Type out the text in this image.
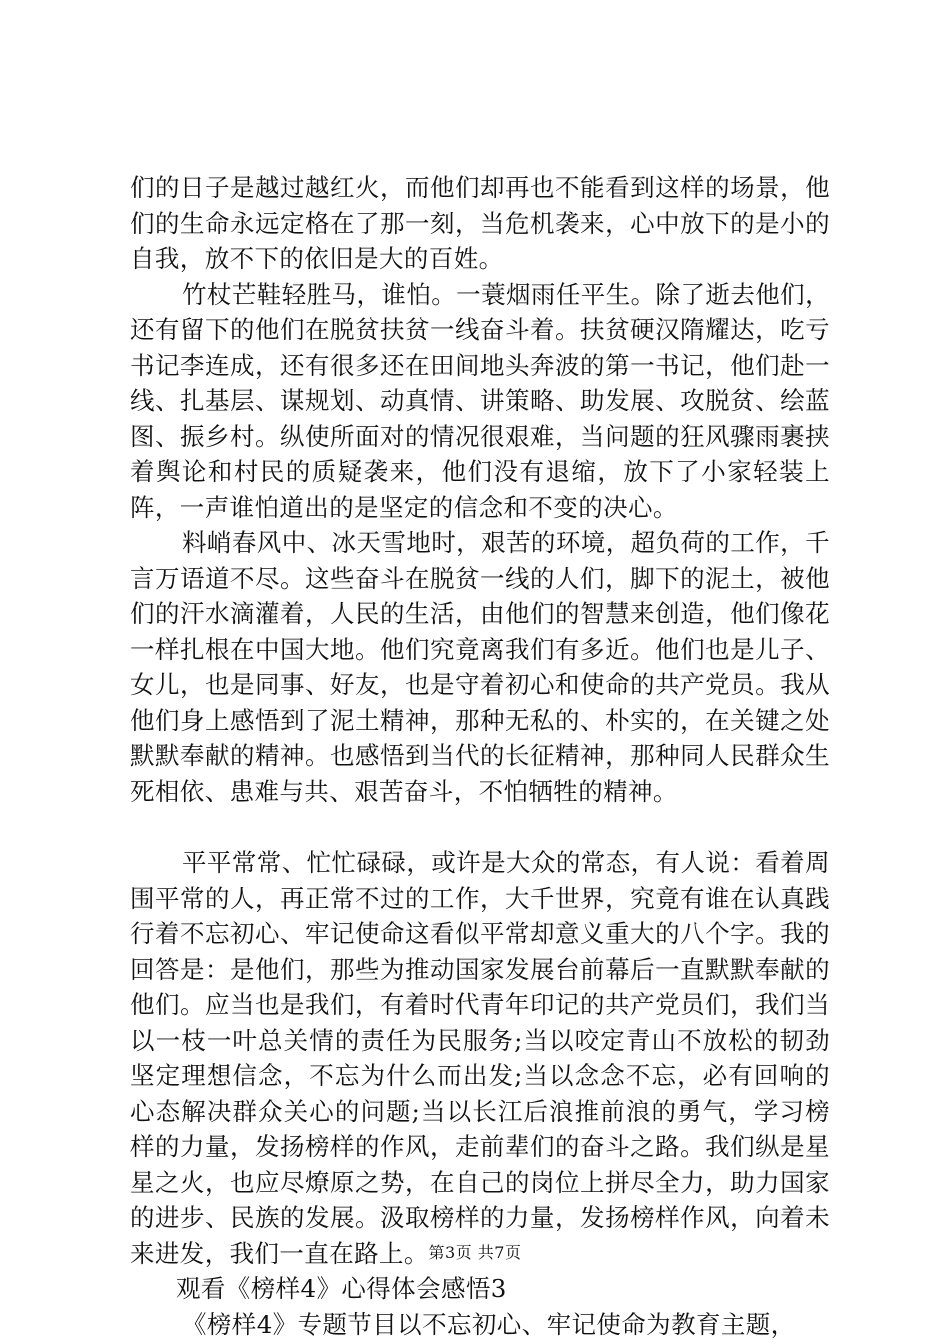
们的日子是越过越红火，而他们却再也不能看到这样的场景，他们的生命永远定格在了那一刻，当危机袭来，心中放下的是小的自我，放不下的依旧是大的百姓。

竹杖芒鞋轻胜马，谁怕。一蓑烟雨任平生。除了逝去他们，还有留下的他们在脱贫扶贫一线奋斗着。扶贫硬汉隋耀达，吃亏书记李连成，还有很多还在田间地头奔波的第一书记，他们赴一线、扎基层、谋规划、动真情、讲策略、助发展、攻脱贫、绘蓝图、振乡村。纵使所面对的情况很艰难，当问题的狂风骤雨裹挟着舆论和村民的质疑袭来，他们没有退缩，放下了小家轻装上阵，一声谁怕道出的是坚定的信念和不变的决心。

料峭春风中、冰天雪地时，艰苦的环境，超负荷的工作，千言万语道不尽。这些奋斗在脱贫一线的人们，脚下的泥土，被他们的汗水滴灌着，人民的生活，由他们的智慧来创造，他们像花一样扎根在中国大地。他们究竟离我们有多近。他们也是儿子、女儿，也是同事、好友，也是守着初心和使命的共产党员。我从他们身上感悟到了泥土精神，那种无私的、朴实的，在关键之处默默奉献的精神。也感悟到当代的长征精神，那种同人民群众生死相依、患难与共、艰苦奋斗，不怕牺牲的精神。

平平常常、忙忙碌碌，或许是大众的常态，有人说：看着周围平常的人，再正常不过的工作，大千世界，究竟有谁在认真践行着不忘初心、牢记使命这看似平常却意义重大的八个字。我的回答是：是他们，那些为推动国家发展台前幕后一直默默奉献的他们。应当也是我们，有着时代青年印记的共产党员们，我们当以一枝一叶总关情的责任为民服务;当以咬定青山不放松的韧劲坚定理想信念，不忘为什么而出发;当以念念不忘，必有回响的心态解决群众关心的问题;当以长江后浪推前浪的勇气，学习榜样的力量，发扬榜样的作风，走前辈们的奋斗之路。我们纵是星星之火，也应尽燎原之势，在自己的岗位上拼尽全力，助力国家的进步、民族的发展。汲取榜样的力量，发扬榜样作风，向着未来进发，我们一直在路上。

观看《榜样4》心得体会感悟3

《榜样4》专题节目以不忘初心、牢记使命为教育主题，

第3页 共7页
